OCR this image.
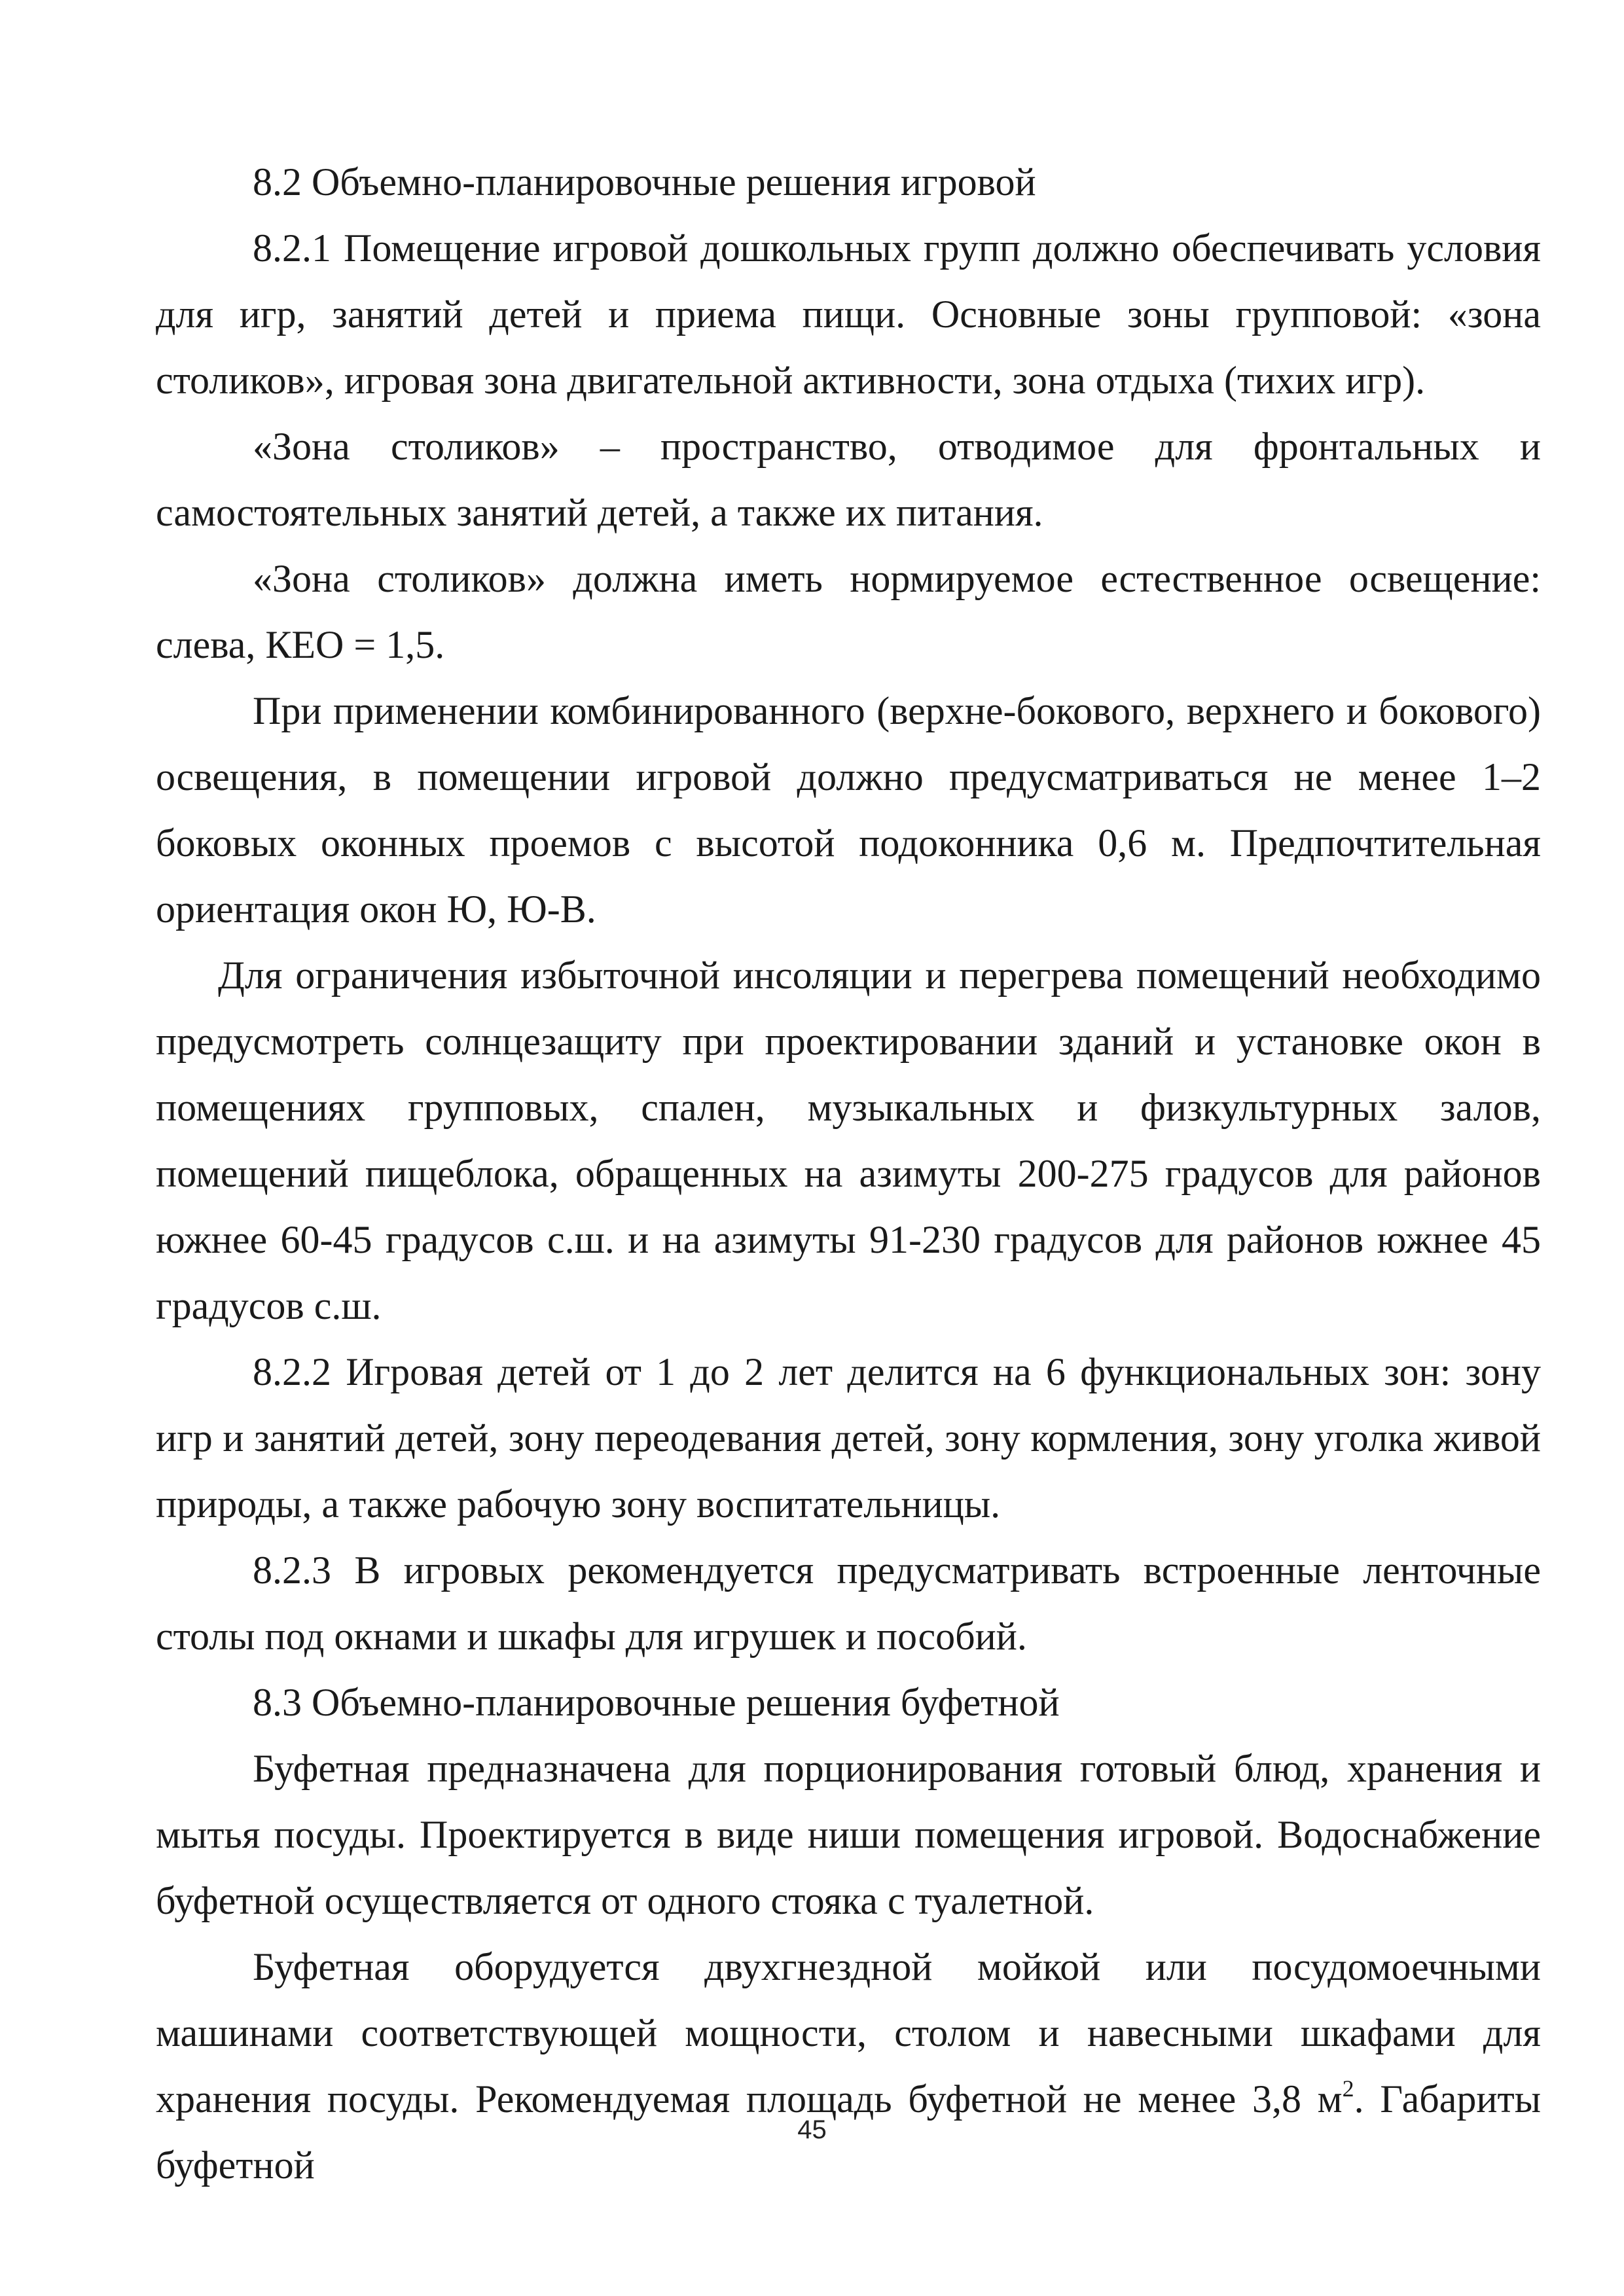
8.2 Объемно-планировочные решения игровой

8.2.1 Помещение игровой дошкольных групп должно обеспечивать условия для игр, занятий детей и приема пищи. Основные зоны групповой: «зона столиков», игровая зона двигательной активности, зона отдыха (тихих игр).

«Зона столиков» – пространство, отводимое для фронтальных и самостоятельных занятий детей, а также их питания.

«Зона столиков» должна иметь нормируемое естественное освещение: слева, КЕО = 1,5.

При применении комбинированного (верхне-бокового, верхнего и бокового) освещения, в помещении игровой должно предусматриваться не менее 1–2 боковых оконных проемов с высотой подоконника 0,6 м. Предпочтительная ориентация окон Ю, Ю-В.

Для ограничения избыточной инсоляции и перегрева помещений необходимо предусмотреть солнцезащиту при проектировании зданий и установке окон в помещениях групповых, спален, музыкальных и физкультурных залов, помещений пищеблока, обращенных на азимуты 200-275 градусов для районов южнее 60-45 градусов с.ш. и на азимуты 91-230 градусов для районов южнее 45 градусов с.ш.

8.2.2 Игровая детей от 1 до 2 лет делится на 6 функциональных зон: зону игр и занятий детей, зону переодевания детей, зону кормления, зону уголка живой природы, а также рабочую зону воспитательницы.

8.2.3 В игровых рекомендуется предусматривать встроенные ленточные столы под окнами и шкафы для игрушек и пособий.

8.3 Объемно-планировочные решения буфетной

Буфетная предназначена для порционирования готовый блюд, хранения и мытья посуды. Проектируется в виде ниши помещения игровой. Водоснабжение буфетной осуществляется от одного стояка с туалетной.

Буфетная оборудуется двухгнездной мойкой или посудомоечными машинами соответствующей мощности, столом и навесными шкафами для хранения посуды. Рекомендуемая площадь буфетной не менее 3,8 $м^2$. Габариты буфетной

45
